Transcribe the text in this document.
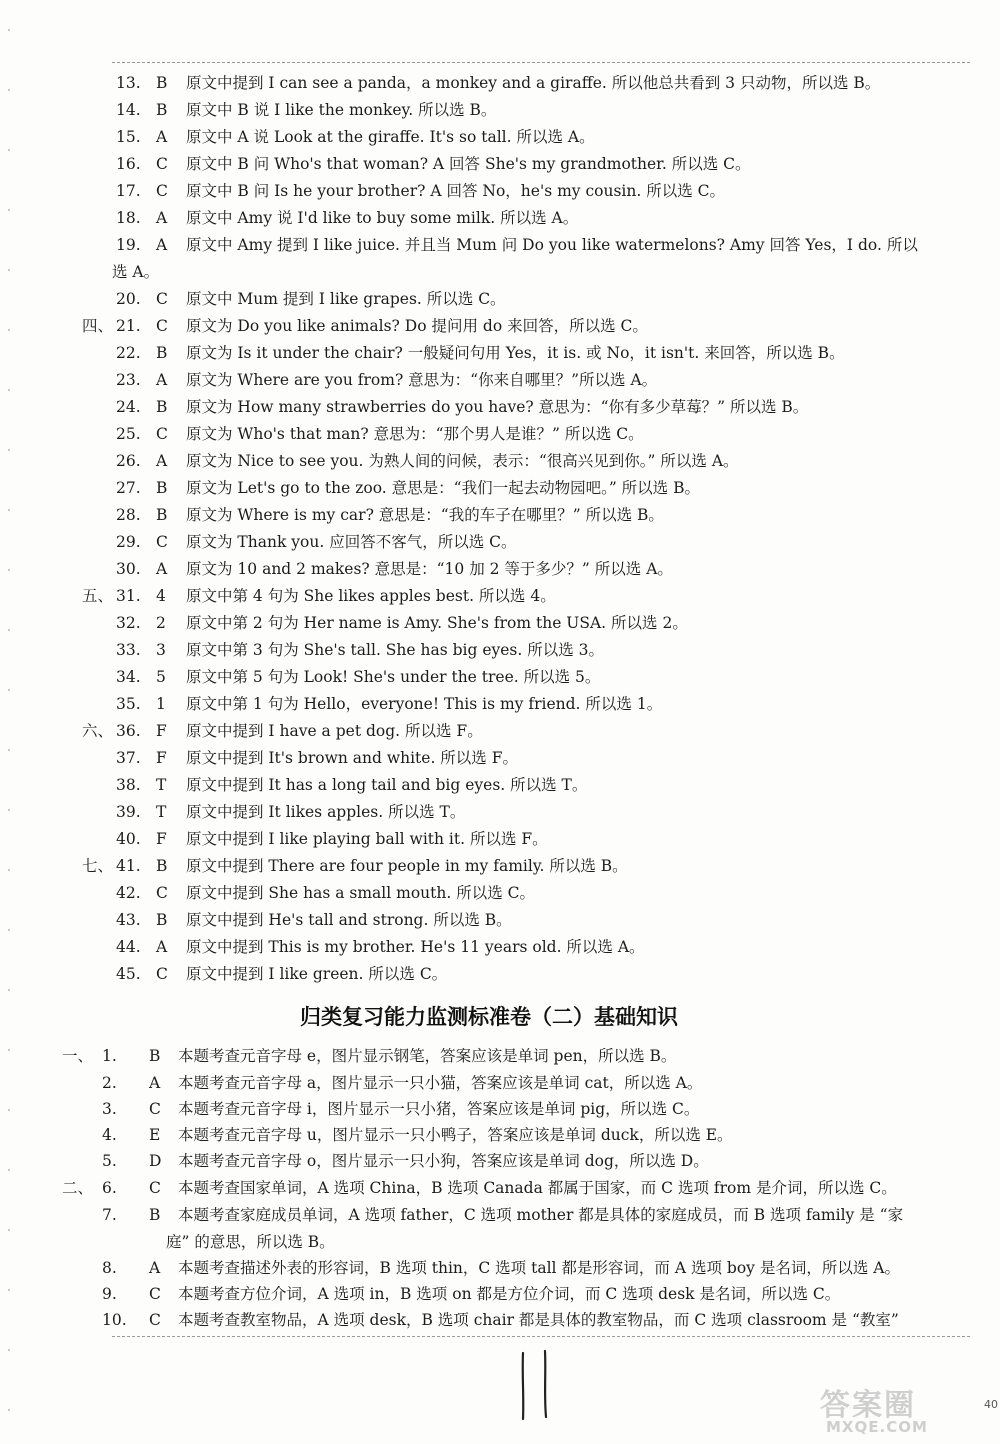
13. B 原文中提到 I can see a panda，a monkey and a giraffe. 所以他总共看到 3 只动物，所以选 B。
14. B 原文中 B 说 I like the monkey. 所以选 B。
15. A 原文中 A 说 Look at the giraffe. It's so tall. 所以选 A。
16. C 原文中 B 问 Who's that woman? A 回答 She's my grandmother. 所以选 C。
17. C 原文中 B 问 Is he your brother? A 回答 No，he's my cousin. 所以选 C。
18. A 原文中 Amy 说 I'd like to buy some milk. 所以选 A。
19. A 原文中 Amy 提到 I like juice. 并且当 Mum 问 Do you like watermelons? Amy 回答 Yes，I do. 所以
20. C 原文中 Mum 提到 I like grapes. 所以选 C。
四、 21. C 原文为 Do you like animals? Do 提问用 do 来回答，所以选 C。
22. B 原文为 Is it under the chair? 一般疑问句用 Yes，it is. 或 No，it isn't. 来回答，所以选 B。
23. A 原文为 Where are you from? 意思为：“你来自哪里？”所以选 A。
24. B 原文为 How many strawberries do you have? 意思为：“你有多少草莓？” 所以选 B。
25. C 原文为 Who's that man? 意思为：“那个男人是谁？” 所以选 C。
26. A 原文为 Nice to see you. 为熟人间的问候，表示：“很高兴见到你。” 所以选 A。
27. B 原文为 Let's go to the zoo. 意思是：“我们一起去动物园吧。” 所以选 B。
28. B 原文为 Where is my car? 意思是：“我的车子在哪里？” 所以选 B。
29. C 原文为 Thank you. 应回答不客气，所以选 C。
30. A 原文为 10 and 2 makes? 意思是：“10 加 2 等于多少？” 所以选 A。
五、 31. 4 原文中第 4 句为 She likes apples best. 所以选 4。
32. 2 原文中第 2 句为 Her name is Amy. She's from the USA. 所以选 2。
33. 3 原文中第 3 句为 She's tall. She has big eyes. 所以选 3。
34. 5 原文中第 5 句为 Look! She's under the tree. 所以选 5。
35. 1 原文中第 1 句为 Hello，everyone! This is my friend. 所以选 1。
六、 36. F 原文中提到 I have a pet dog. 所以选 F。
37. F 原文中提到 It's brown and white. 所以选 F。
38. T 原文中提到 It has a long tail and big eyes. 所以选 T。
39. T 原文中提到 It likes apples. 所以选 T。
40. F 原文中提到 I like playing ball with it. 所以选 F。
七、 41. B 原文中提到 There are four people in my family. 所以选 B。
42. C 原文中提到 She has a small mouth. 所以选 C。
43. B 原文中提到 He's tall and strong. 所以选 B。
44. A 原文中提到 This is my brother. He's 11 years old. 所以选 A。
45. C 原文中提到 I like green. 所以选 C。
选 A。
归类复习能力监测标准卷（二）基础知识
一、 1. B 本题考查元音字母 e，图片显示钢笔，答案应该是单词 pen，所以选 B。
2. A 本题考查元音字母 a，图片显示一只小猫，答案应该是单词 cat，所以选 A。
3. C 本题考查元音字母 i，图片显示一只小猪，答案应该是单词 pig，所以选 C。
4. E 本题考查元音字母 u，图片显示一只小鸭子，答案应该是单词 duck，所以选 E。
5. D 本题考查元音字母 o，图片显示一只小狗，答案应该是单词 dog，所以选 D。
二、 6. C 本题考查国家单词，A 选项 China，B 选项 Canada 都属于国家，而 C 选项 from 是介词，所以选 C。
7. B 本题考查家庭成员单词，A 选项 father，C 选项 mother 都是具体的家庭成员，而 B 选项 family 是 “家
8. A 本题考查描述外表的形容词，B 选项 thin，C 选项 tall 都是形容词，而 A 选项 boy 是名词，所以选 A。
9. C 本题考查方位介词，A 选项 in，B 选项 on 都是方位介词，而 C 选项 desk 是名词，所以选 C。
10. C 本题考查教室物品，A 选项 desk，B 选项 chair 都是具体的教室物品，而 C 选项 classroom 是 “教室”
庭” 的意思，所以选 B。
答案圈
MXQE.COM
40
